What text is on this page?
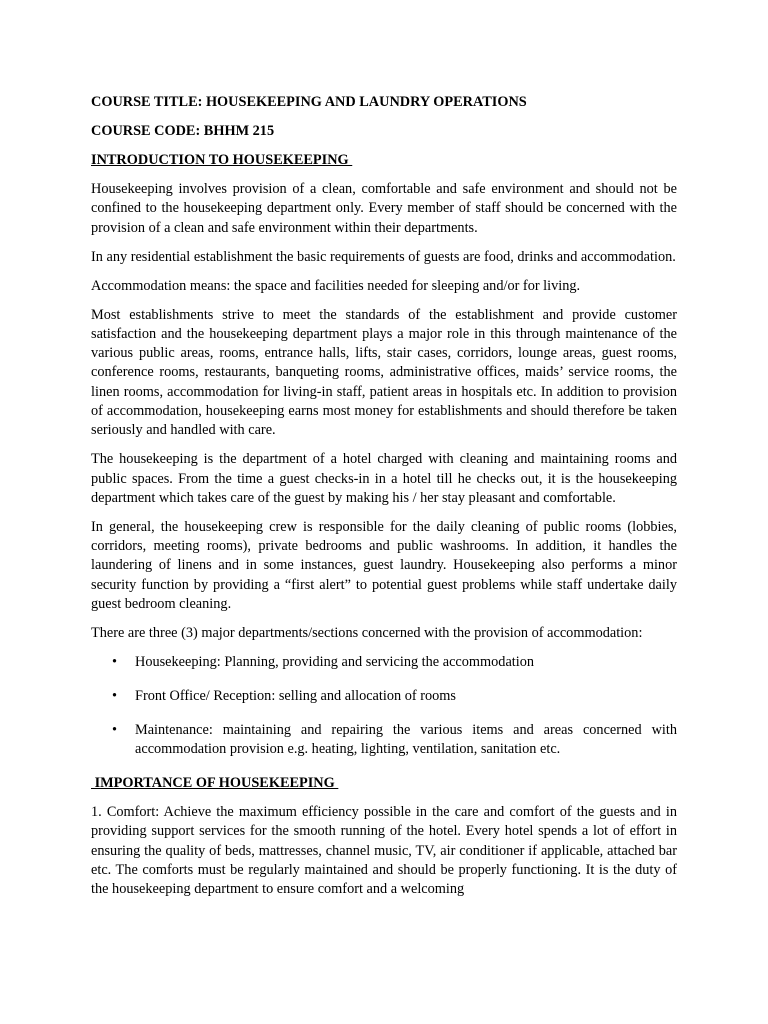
COURSE TITLE: HOUSEKEEPING AND LAUNDRY OPERATIONS
COURSE CODE: BHHM 215
INTRODUCTION TO HOUSEKEEPING

Housekeeping involves provision of a clean, comfortable and safe environment and should not be confined to the housekeeping department only. Every member of staff should be concerned with the provision of a clean and safe environment within their departments.

In any residential establishment the basic requirements of guests are food, drinks and accommodation.

Accommodation means: the space and facilities needed for sleeping and/or for living.

Most establishments strive to meet the standards of the establishment and provide customer satisfaction and the housekeeping department plays a major role in this through maintenance of the various public areas, rooms, entrance halls, lifts, stair cases, corridors, lounge areas, guest rooms, conference rooms, restaurants, banqueting rooms, administrative offices, maids’ service rooms, the linen rooms, accommodation for living-in staff, patient areas in hospitals etc. In addition to provision of accommodation, housekeeping earns most money for establishments and should therefore be taken seriously and handled with care.

The housekeeping is the department of a hotel charged with cleaning and maintaining rooms and public spaces. From the time a guest checks-in in a hotel till he checks out, it is the housekeeping department which takes care of the guest by making his / her stay pleasant and comfortable.

In general, the housekeeping crew is responsible for the daily cleaning of public rooms (lobbies, corridors, meeting rooms), private bedrooms and public washrooms. In addition, it handles the laundering of linens and in some instances, guest laundry. Housekeeping also performs a minor security function by providing a “first alert” to potential guest problems while staff undertake daily guest bedroom cleaning.

There are three (3) major departments/sections concerned with the provision of accommodation:

• Housekeeping: Planning, providing and servicing the accommodation
• Front Office/ Reception: selling and allocation of rooms
• Maintenance: maintaining and repairing the various items and areas concerned with accommodation provision e.g. heating, lighting, ventilation, sanitation etc.
IMPORTANCE OF HOUSEKEEPING

1. Comfort: Achieve the maximum efficiency possible in the care and comfort of the guests and in providing support services for the smooth running of the hotel. Every hotel spends a lot of effort in ensuring the quality of beds, mattresses, channel music, TV, air conditioner if applicable, attached bar etc. The comforts must be regularly maintained and should be properly functioning. It is the duty of the housekeeping department to ensure comfort and a welcoming
